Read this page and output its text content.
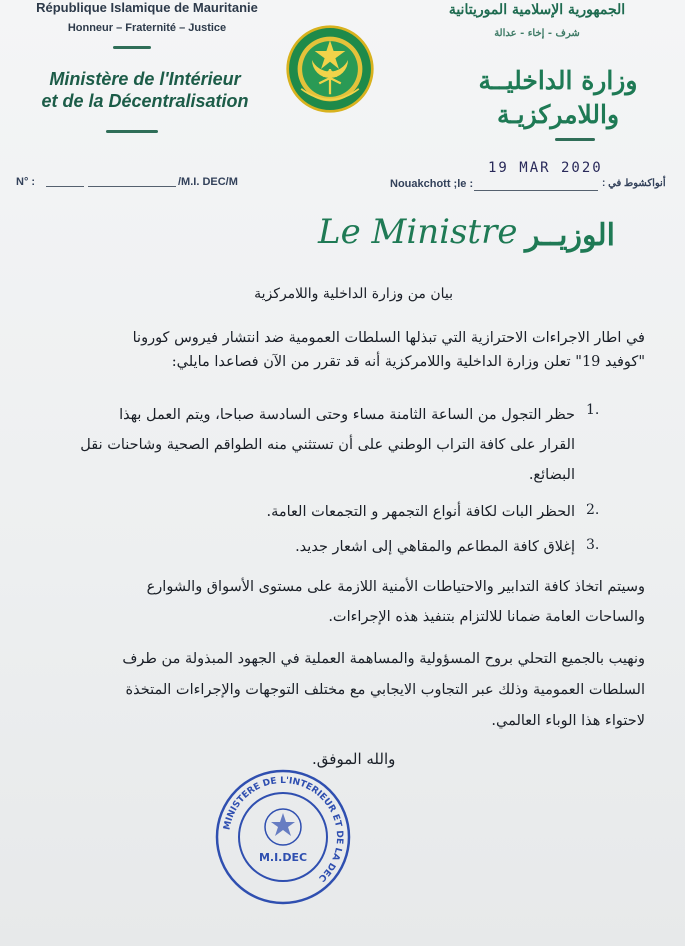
République Islamique de Mauritanie
Honneur – Fraternité – Justice
Ministère de l'Intérieur
et de la Décentralisation
الجمهورية الإسلامية الموريتانية
شرف - إخاء - عدالة
وزارة الداخليــة
واللامركزيـة
N° :	/M.I. DEC/M	Nouakchott ;le :
19 MAR 2020
أنواكشوط في :
Le Ministre الوزيــر
بيان من وزارة الداخلية واللامركزية
في اطار الاجراءات الاحترازية التي تبذلها السلطات العمومية ضد انتشار فيروس كورونا
"كوفيد 19" تعلن وزارة الداخلية واللامركزية أنه قد تقرر من الآن فصاعدا مايلي:
1.
حظر التجول من الساعة الثامنة مساء وحتى السادسة صباحا، ويتم العمل بهذا
القرار على كافة التراب الوطني على أن تستثني منه الطواقم الصحية وشاحنات نقل
البضائع.
2.
الحظر البات لكافة أنواع التجمهر و التجمعات العامة.
3.
إغلاق كافة المطاعم والمقاهي إلى اشعار جديد.
وسيتم اتخاذ كافة التدابير والاحتياطات الأمنية اللازمة على مستوى الأسواق والشوارع
والساحات العامة ضمانا للالتزام بتنفيذ هذه الإجراءات.
ونهيب بالجميع التحلي بروح المسؤولية والمساهمة العملية في الجهود المبذولة من طرف
السلطات العمومية وذلك عبر التجاوب الايجابي مع مختلف التوجهات والإجراءات المتخذة
لاحتواء هذا الوباء العالمي.
والله الموفق.
MINISTERE DE L'INTERIEUR ET DE LA DEC
M.I.DEC
